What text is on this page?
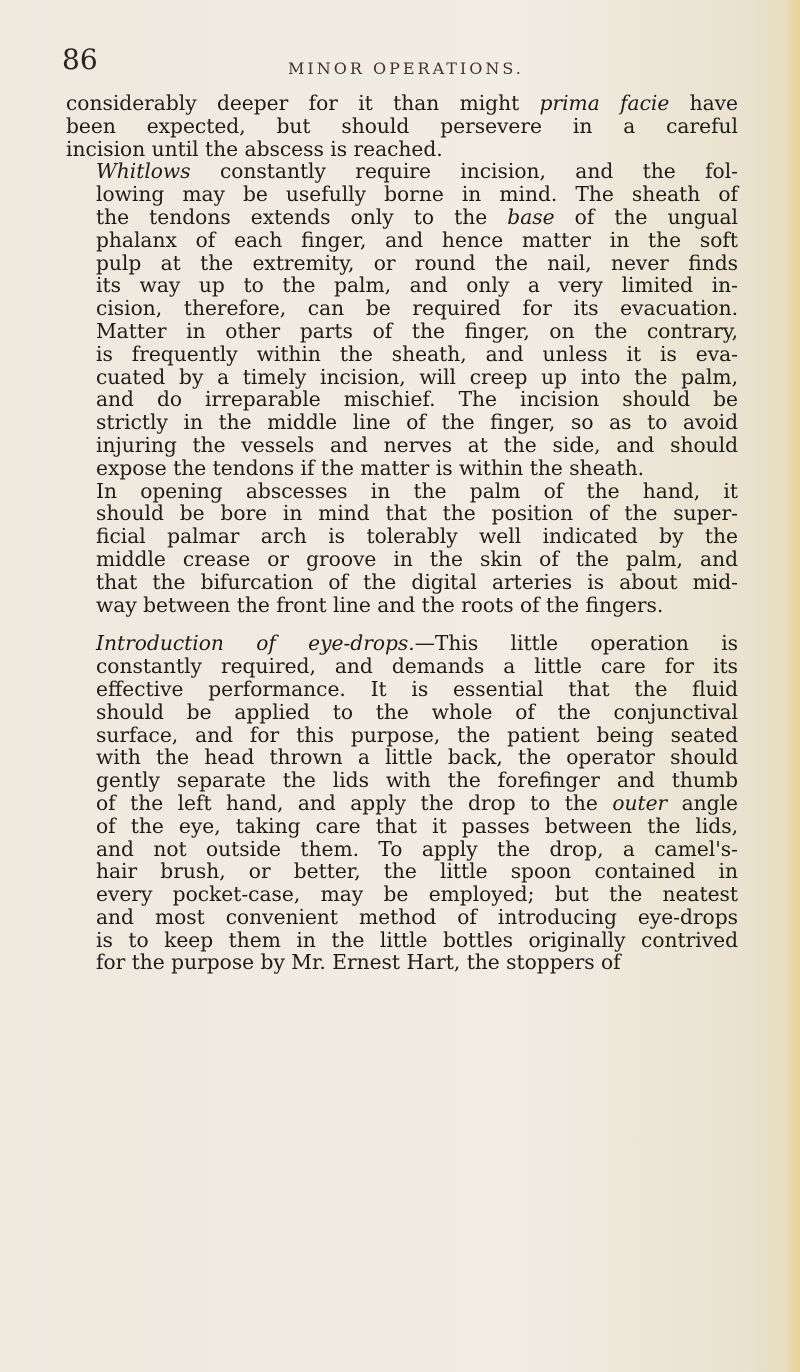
86	MINOR OPERATIONS.

considerably deeper for it than might prima facie have
been expected, but should persevere in a careful
incision until the abscess is reached.

Whitlows constantly require incision, and the fol-
lowing may be usefully borne in mind. The sheath of
the tendons extends only to the base of the ungual
phalanx of each finger, and hence matter in the soft
pulp at the extremity, or round the nail, never finds
its way up to the palm, and only a very limited in-
cision, therefore, can be required for its evacuation.
Matter in other parts of the finger, on the contrary,
is frequently within the sheath, and unless it is eva-
cuated by a timely incision, will creep up into the palm,
and do irreparable mischief. The incision should be
strictly in the middle line of the finger, so as to avoid
injuring the vessels and nerves at the side, and should
expose the tendons if the matter is within the sheath.

In opening abscesses in the palm of the hand, it
should be bore in mind that the position of the super-
ficial palmar arch is tolerably well indicated by the
middle crease or groove in the skin of the palm, and
that the bifurcation of the digital arteries is about mid-
way between the front line and the roots of the fingers.

Introduction of eye-drops.—This little operation is
constantly required, and demands a little care for its
effective performance. It is essential that the fluid
should be applied to the whole of the conjunctival
surface, and for this purpose, the patient being seated
with the head thrown a little back, the operator should
gently separate the lids with the forefinger and thumb
of the left hand, and apply the drop to the outer angle
of the eye, taking care that it passes between the lids,
and not outside them. To apply the drop, a camel's-
hair brush, or better, the little spoon contained in
every pocket-case, may be employed; but the neatest
and most convenient method of introducing eye-drops
is to keep them in the little bottles originally contrived
for the purpose by Mr. Ernest Hart, the stoppers of
